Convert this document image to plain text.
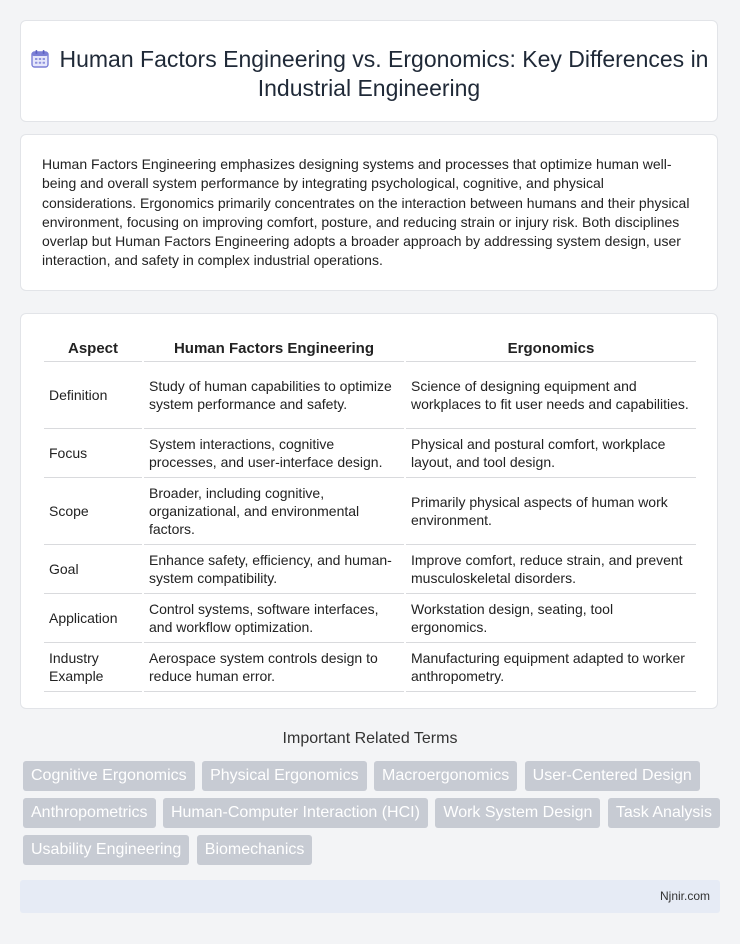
Human Factors Engineering vs. Ergonomics: Key Differences in Industrial Engineering

Human Factors Engineering emphasizes designing systems and processes that optimize human well-being and overall system performance by integrating psychological, cognitive, and physical considerations. Ergonomics primarily concentrates on the interaction between humans and their physical environment, focusing on improving comfort, posture, and reducing strain or injury risk. Both disciplines overlap but Human Factors Engineering adopts a broader approach by addressing system design, user interaction, and safety in complex industrial operations.

Aspect	Human Factors Engineering	Ergonomics
Definition	Study of human capabilities to optimize system performance and safety.	Science of designing equipment and workplaces to fit user needs and capabilities.
Focus	System interactions, cognitive processes, and user-interface design.	Physical and postural comfort, workplace layout, and tool design.
Scope	Broader, including cognitive, organizational, and environmental factors.	Primarily physical aspects of human work environment.
Goal	Enhance safety, efficiency, and human-system compatibility.	Improve comfort, reduce strain, and prevent musculoskeletal disorders.
Application	Control systems, software interfaces, and workflow optimization.	Workstation design, seating, tool ergonomics.
Industry Example	Aerospace system controls design to reduce human error.	Manufacturing equipment adapted to worker anthropometry.
Important Related Terms
Cognitive Ergonomics Physical Ergonomics Macroergonomics User-Centered Design Anthropometrics Human-Computer Interaction (HCI) Work System Design Task Analysis Usability Engineering Biomechanics
Njnir.com
